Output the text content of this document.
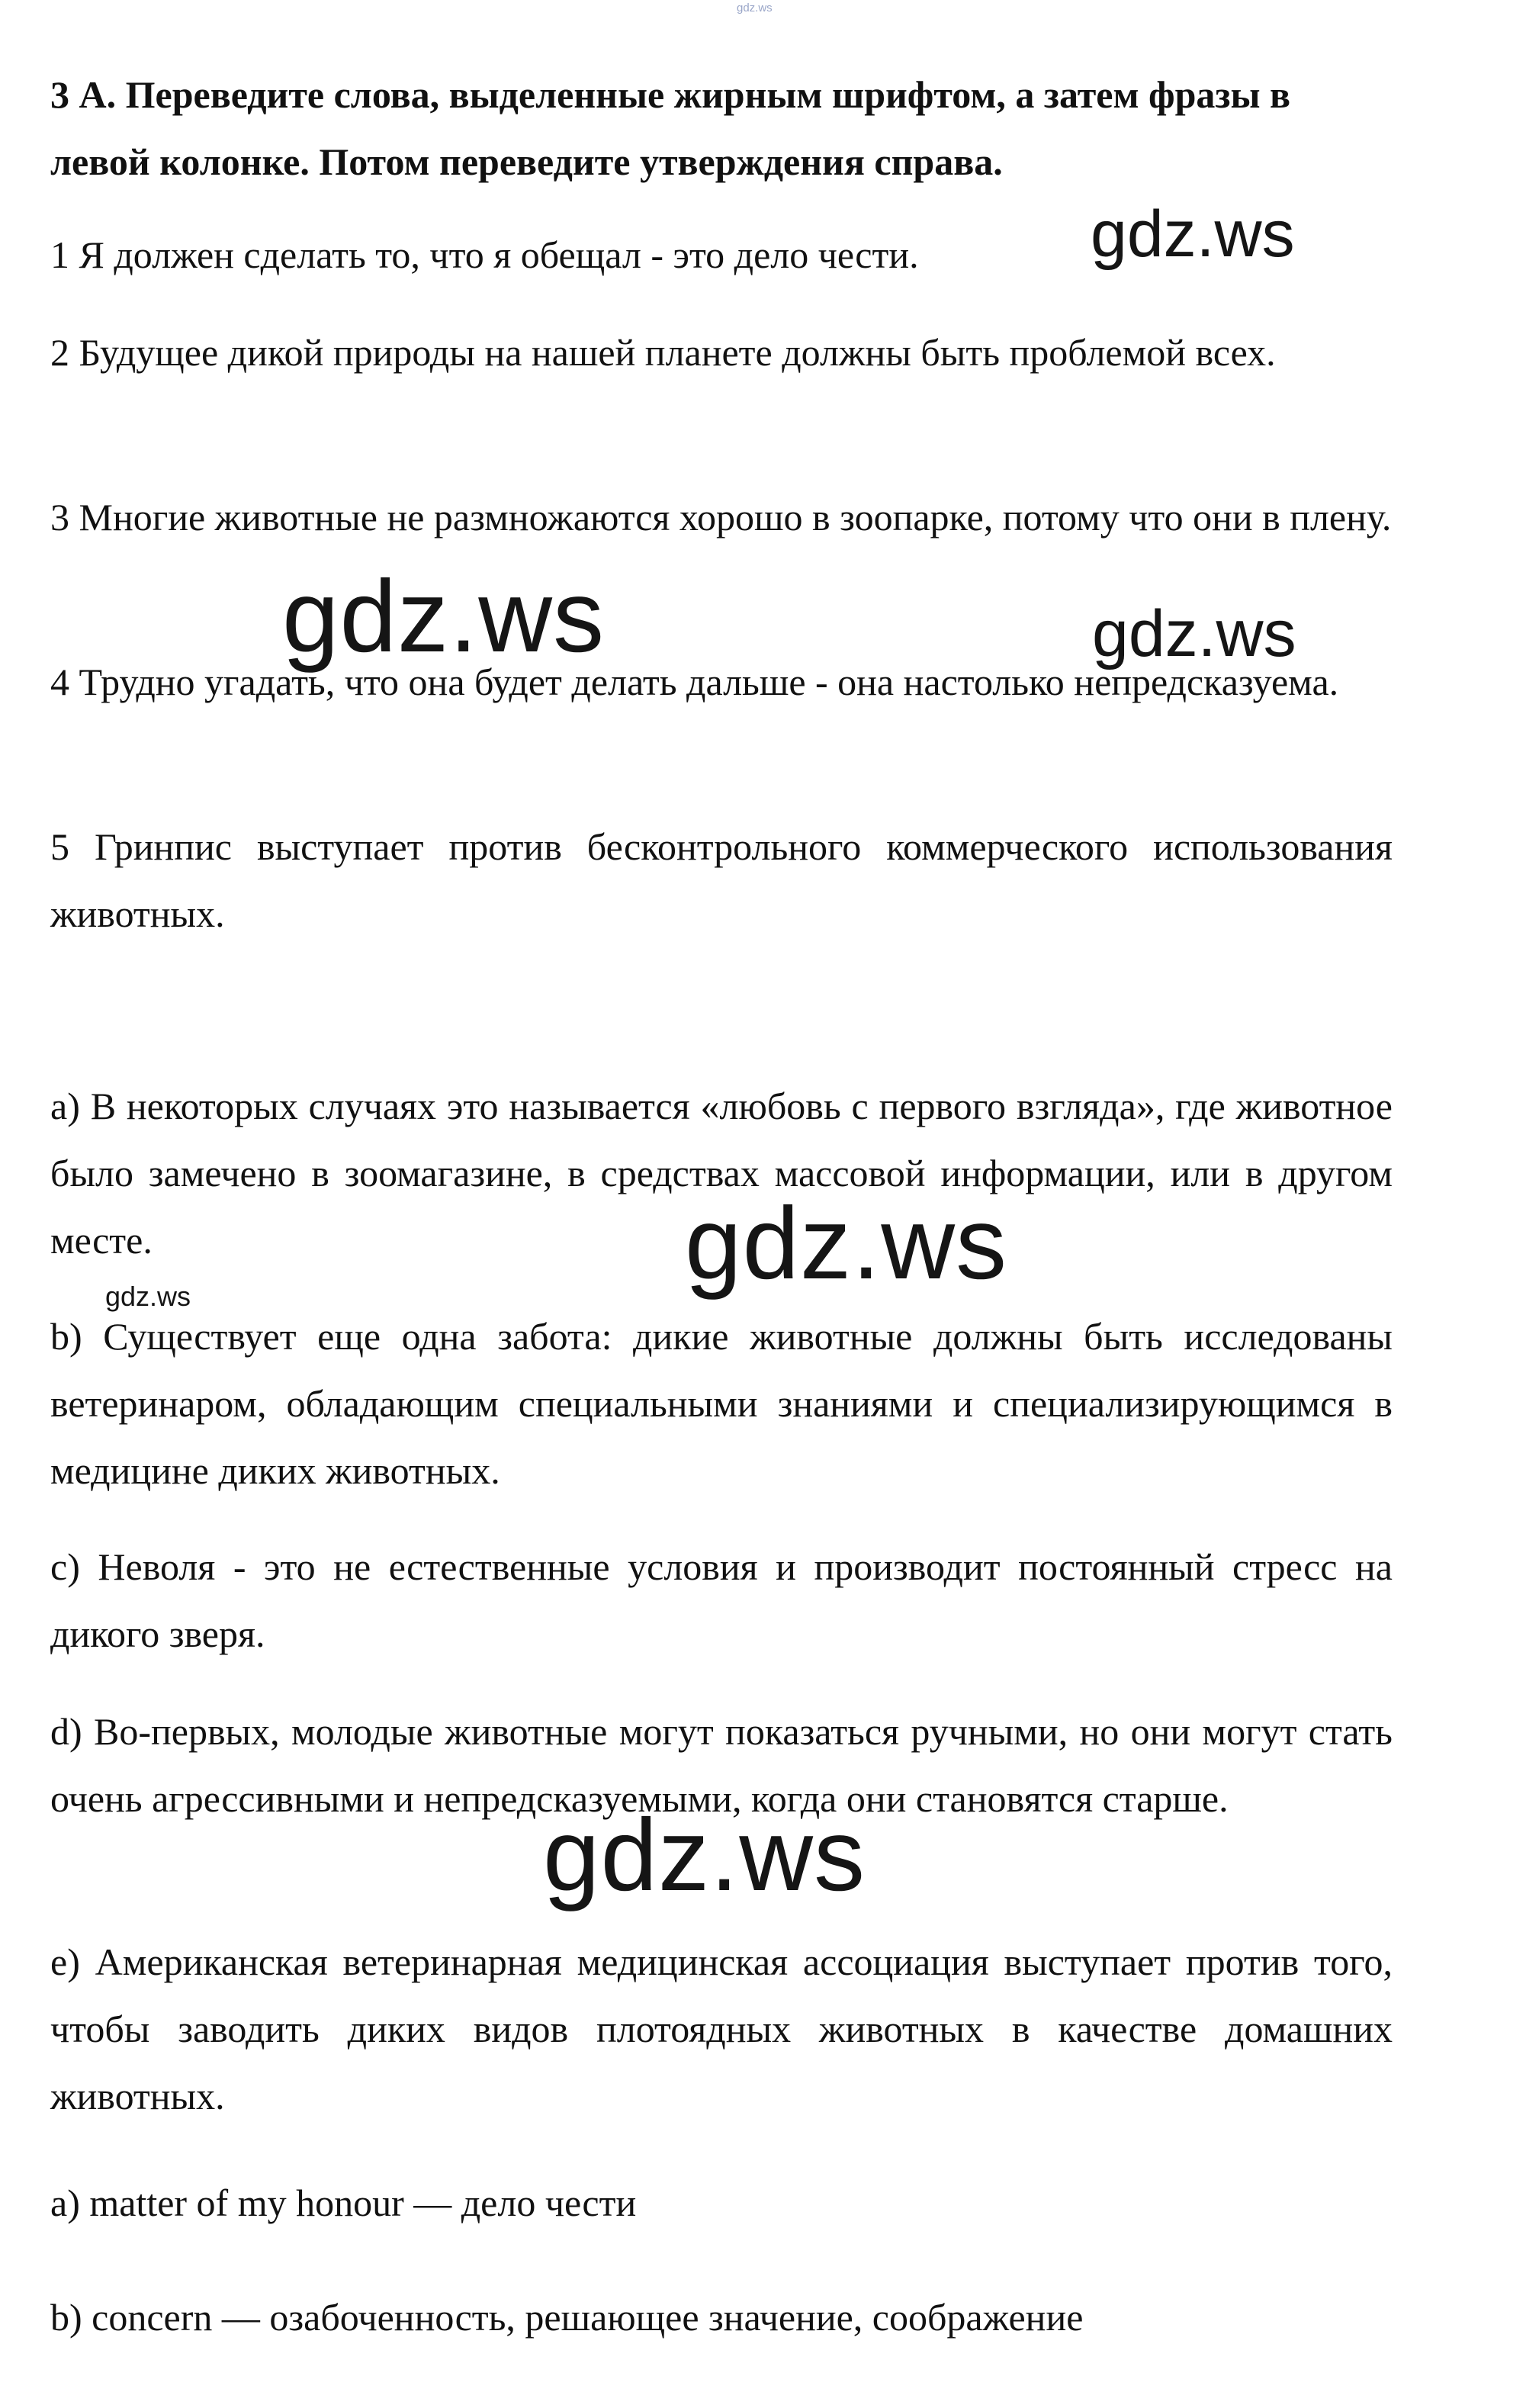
gdz.ws

3 А. Переведите слова, выделенные жирным шрифтом, а затем фразы в левой колонке. Потом переведите утверждения справа.

1 Я должен сделать то, что я обещал - это дело чести.

2 Будущее дикой природы на нашей планете должны быть проблемой всех.

3 Многие животные не размножаются хорошо в зоопарке, потому что они в плену.

4 Трудно угадать, что она будет делать дальше - она настолько непредсказуема.

5 Гринпис выступает против бесконтрольного коммерческого использования животных.

a) В некоторых случаях это называется «любовь с первого взгляда», где животное было замечено в зоомагазине, в средствах массовой информации, или в другом месте.

b) Существует еще одна забота: дикие животные должны быть исследованы ветеринаром, обладающим специальными знаниями и специализирующимся в медицине диких животных.

c) Неволя - это не естественные условия и производит постоянный стресс на дикого зверя.

d) Во-первых, молодые животные могут показаться ручными, но они могут стать очень агрессивными и непредсказуемыми, когда они становятся старше.

e) Американская ветеринарная медицинская ассоциация выступает против того, чтобы заводить диких видов плотоядных животных в качестве домашних животных.

a) matter of my honour — дело чести

b) concern — озабоченность, решающее значение, соображение

gdz.ws
gdz.ws	gdz.ws
gdz.ws
gdz.ws
gdz.ws
